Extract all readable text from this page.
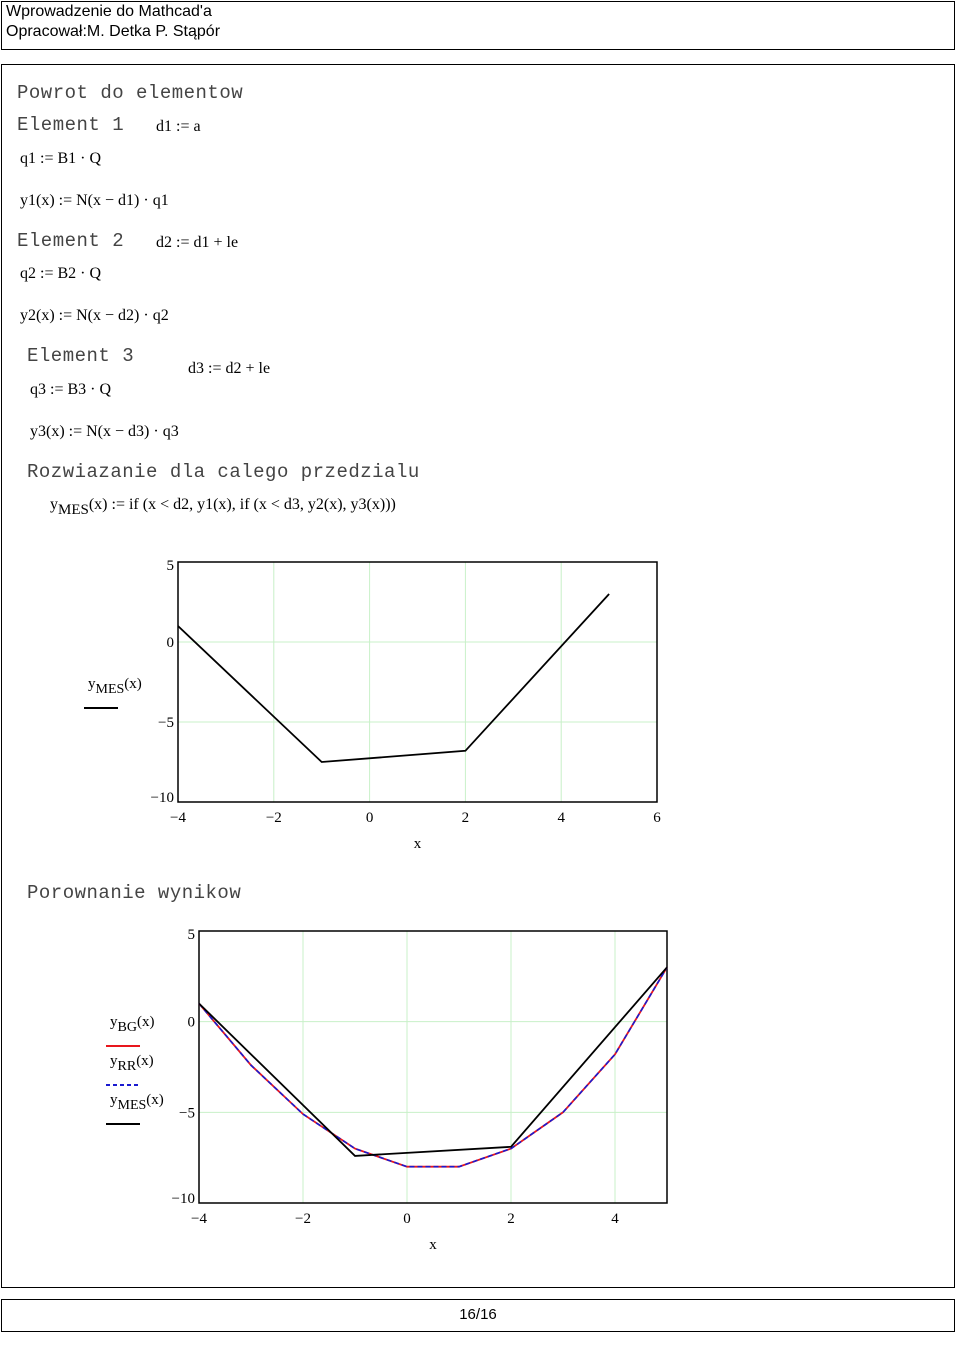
Wprowadzenie do Mathcad'a
Opracował:M. Detka P. Stąpór
Powrot do elementow
Element 1 d1 := a
q1 := B1 · Q
y1(x) := N(x − d1) · q1
Element 2 d2 := d1 + le
q2 := B2 · Q
y2(x) := N(x − d2) · q2
Element 3
d3 := d2 + le
q3 := B3 · Q
y3(x) := N(x − d3) · q3
Rozwiazanie dla calego przedzialu
yMES(x) := if (x < d2, y1(x), if (x < d3, y2(x), y3(x)))
Porownanie wynikow
−4	−2	0	2	4	6
5
0
−5
−10
x
yMES(x)
−4	−2	0	2	4
5
0
−5
−10
x
yBG(x)
yRR(x)
yMES(x)
16/16
